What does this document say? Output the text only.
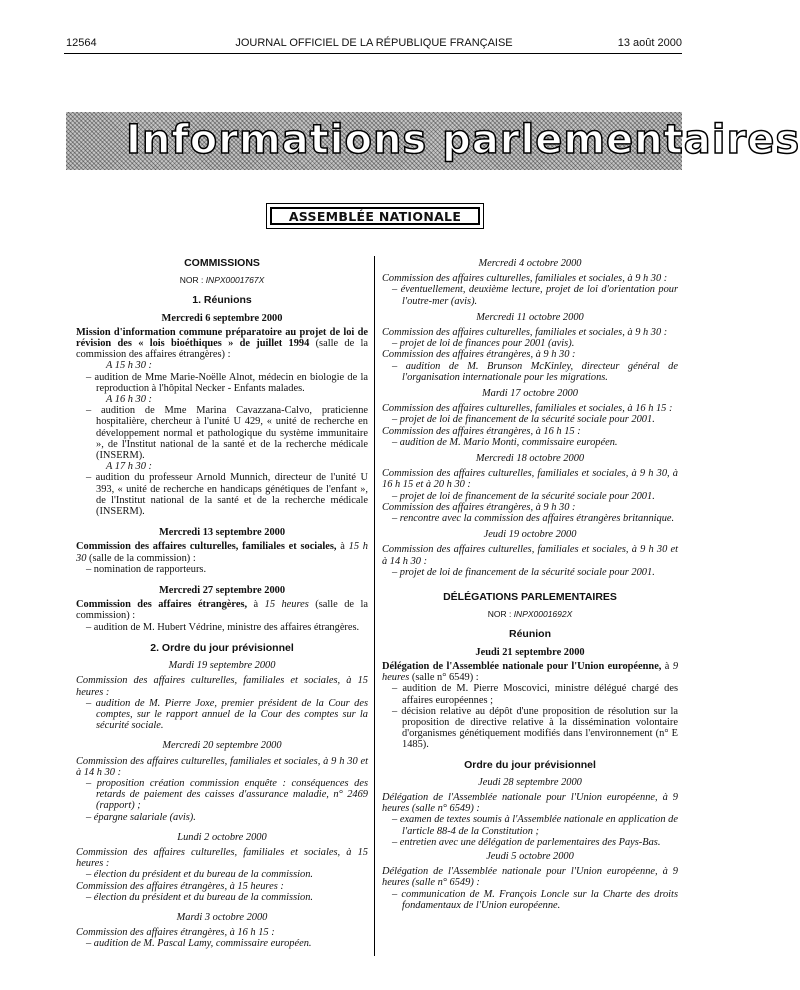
12564	JOURNAL OFFICIEL DE LA RÉPUBLIQUE FRANÇAISE	13 août 2000
Informations parlementaires
ASSEMBLÉE NATIONALE
COMMISSIONS
NOR : INPX0001767X
1. Réunions
Mercredi 6 septembre 2000

Mission d'information commune préparatoire au projet de loi de révision des « lois bioéthiques » de juillet 1994 (salle de la commission des affaires étrangères) :

A 15 h 30 :

– audition de Mme Marie-Noëlle Alnot, médecin en biologie de la reproduction à l'hôpital Necker - Enfants malades.

A 16 h 30 :

– audition de Mme Marina Cavazzana-Calvo, praticienne hospitalière, chercheur à l'unité U 429, « unité de recherche en développement normal et pathologique du système immunitaire », de l'Institut national de la santé et de la recherche médicale (INSERM).

A 17 h 30 :

– audition du professeur Arnold Munnich, directeur de l'unité U 393, « unité de recherche en handicaps génétiques de l'enfant », de l'Institut national de la santé et de la recherche médicale (INSERM).

Mercredi 13 septembre 2000

Commission des affaires culturelles, familiales et sociales, à 15 h 30 (salle de la commission) :

– nomination de rapporteurs.

Mercredi 27 septembre 2000

Commission des affaires étrangères, à 15 heures (salle de la commission) :

– audition de M. Hubert Védrine, ministre des affaires étrangères.

2. Ordre du jour prévisionnel
Mardi 19 septembre 2000

Commission des affaires culturelles, familiales et sociales, à 15 heures :

– audition de M. Pierre Joxe, premier président de la Cour des comptes, sur le rapport annuel de la Cour des comptes sur la sécurité sociale.

Mercredi 20 septembre 2000

Commission des affaires culturelles, familiales et sociales, à 9 h 30 et à 14 h 30 :

– proposition création commission enquête : conséquences des retards de paiement des caisses d'assurance maladie, n° 2469 (rapport) ;

– épargne salariale (avis).

Lundi 2 octobre 2000

Commission des affaires culturelles, familiales et sociales, à 15 heures :

– élection du président et du bureau de la commission.

Commission des affaires étrangères, à 15 heures :

– élection du président et du bureau de la commission.

Mardi 3 octobre 2000

Commission des affaires étrangères, à 16 h 15 :

– audition de M. Pascal Lamy, commissaire européen.

Mercredi 4 octobre 2000

Commission des affaires culturelles, familiales et sociales, à 9 h 30 :

– éventuellement, deuxième lecture, projet de loi d'orientation pour l'outre-mer (avis).

Mercredi 11 octobre 2000

Commission des affaires culturelles, familiales et sociales, à 9 h 30 :

– projet de loi de finances pour 2001 (avis).

Commission des affaires étrangères, à 9 h 30 :

– audition de M. Brunson McKinley, directeur général de l'organisation internationale pour les migrations.

Mardi 17 octobre 2000

Commission des affaires culturelles, familiales et sociales, à 16 h 15 :

– projet de loi de financement de la sécurité sociale pour 2001.

Commission des affaires étrangères, à 16 h 15 :

– audition de M. Mario Monti, commissaire européen.

Mercredi 18 octobre 2000

Commission des affaires culturelles, familiales et sociales, à 9 h 30, à 16 h 15 et à 20 h 30 :

– projet de loi de financement de la sécurité sociale pour 2001.

Commission des affaires étrangères, à 9 h 30 :

– rencontre avec la commission des affaires étrangères britannique.

Jeudi 19 octobre 2000

Commission des affaires culturelles, familiales et sociales, à 9 h 30 et à 14 h 30 :

– projet de loi de financement de la sécurité sociale pour 2001.

DÉLÉGATIONS PARLEMENTAIRES
NOR : INPX0001692X
Réunion
Jeudi 21 septembre 2000

Délégation de l'Assemblée nationale pour l'Union européenne, à 9 heures (salle n° 6549) :

– audition de M. Pierre Moscovici, ministre délégué chargé des affaires européennes ;

– décision relative au dépôt d'une proposition de résolution sur la proposition de directive relative à la dissémination volontaire d'organismes génétiquement modifiés dans l'environnement (n° E 1485).

Ordre du jour prévisionnel
Jeudi 28 septembre 2000

Délégation de l'Assemblée nationale pour l'Union européenne, à 9 heures (salle n° 6549) :

– examen de textes soumis à l'Assemblée nationale en application de l'article 88-4 de la Constitution ;

– entretien avec une délégation de parlementaires des Pays-Bas.

Jeudi 5 octobre 2000

Délégation de l'Assemblée nationale pour l'Union européenne, à 9 heures (salle n° 6549) :

– communication de M. François Loncle sur la Charte des droits fondamentaux de l'Union européenne.
